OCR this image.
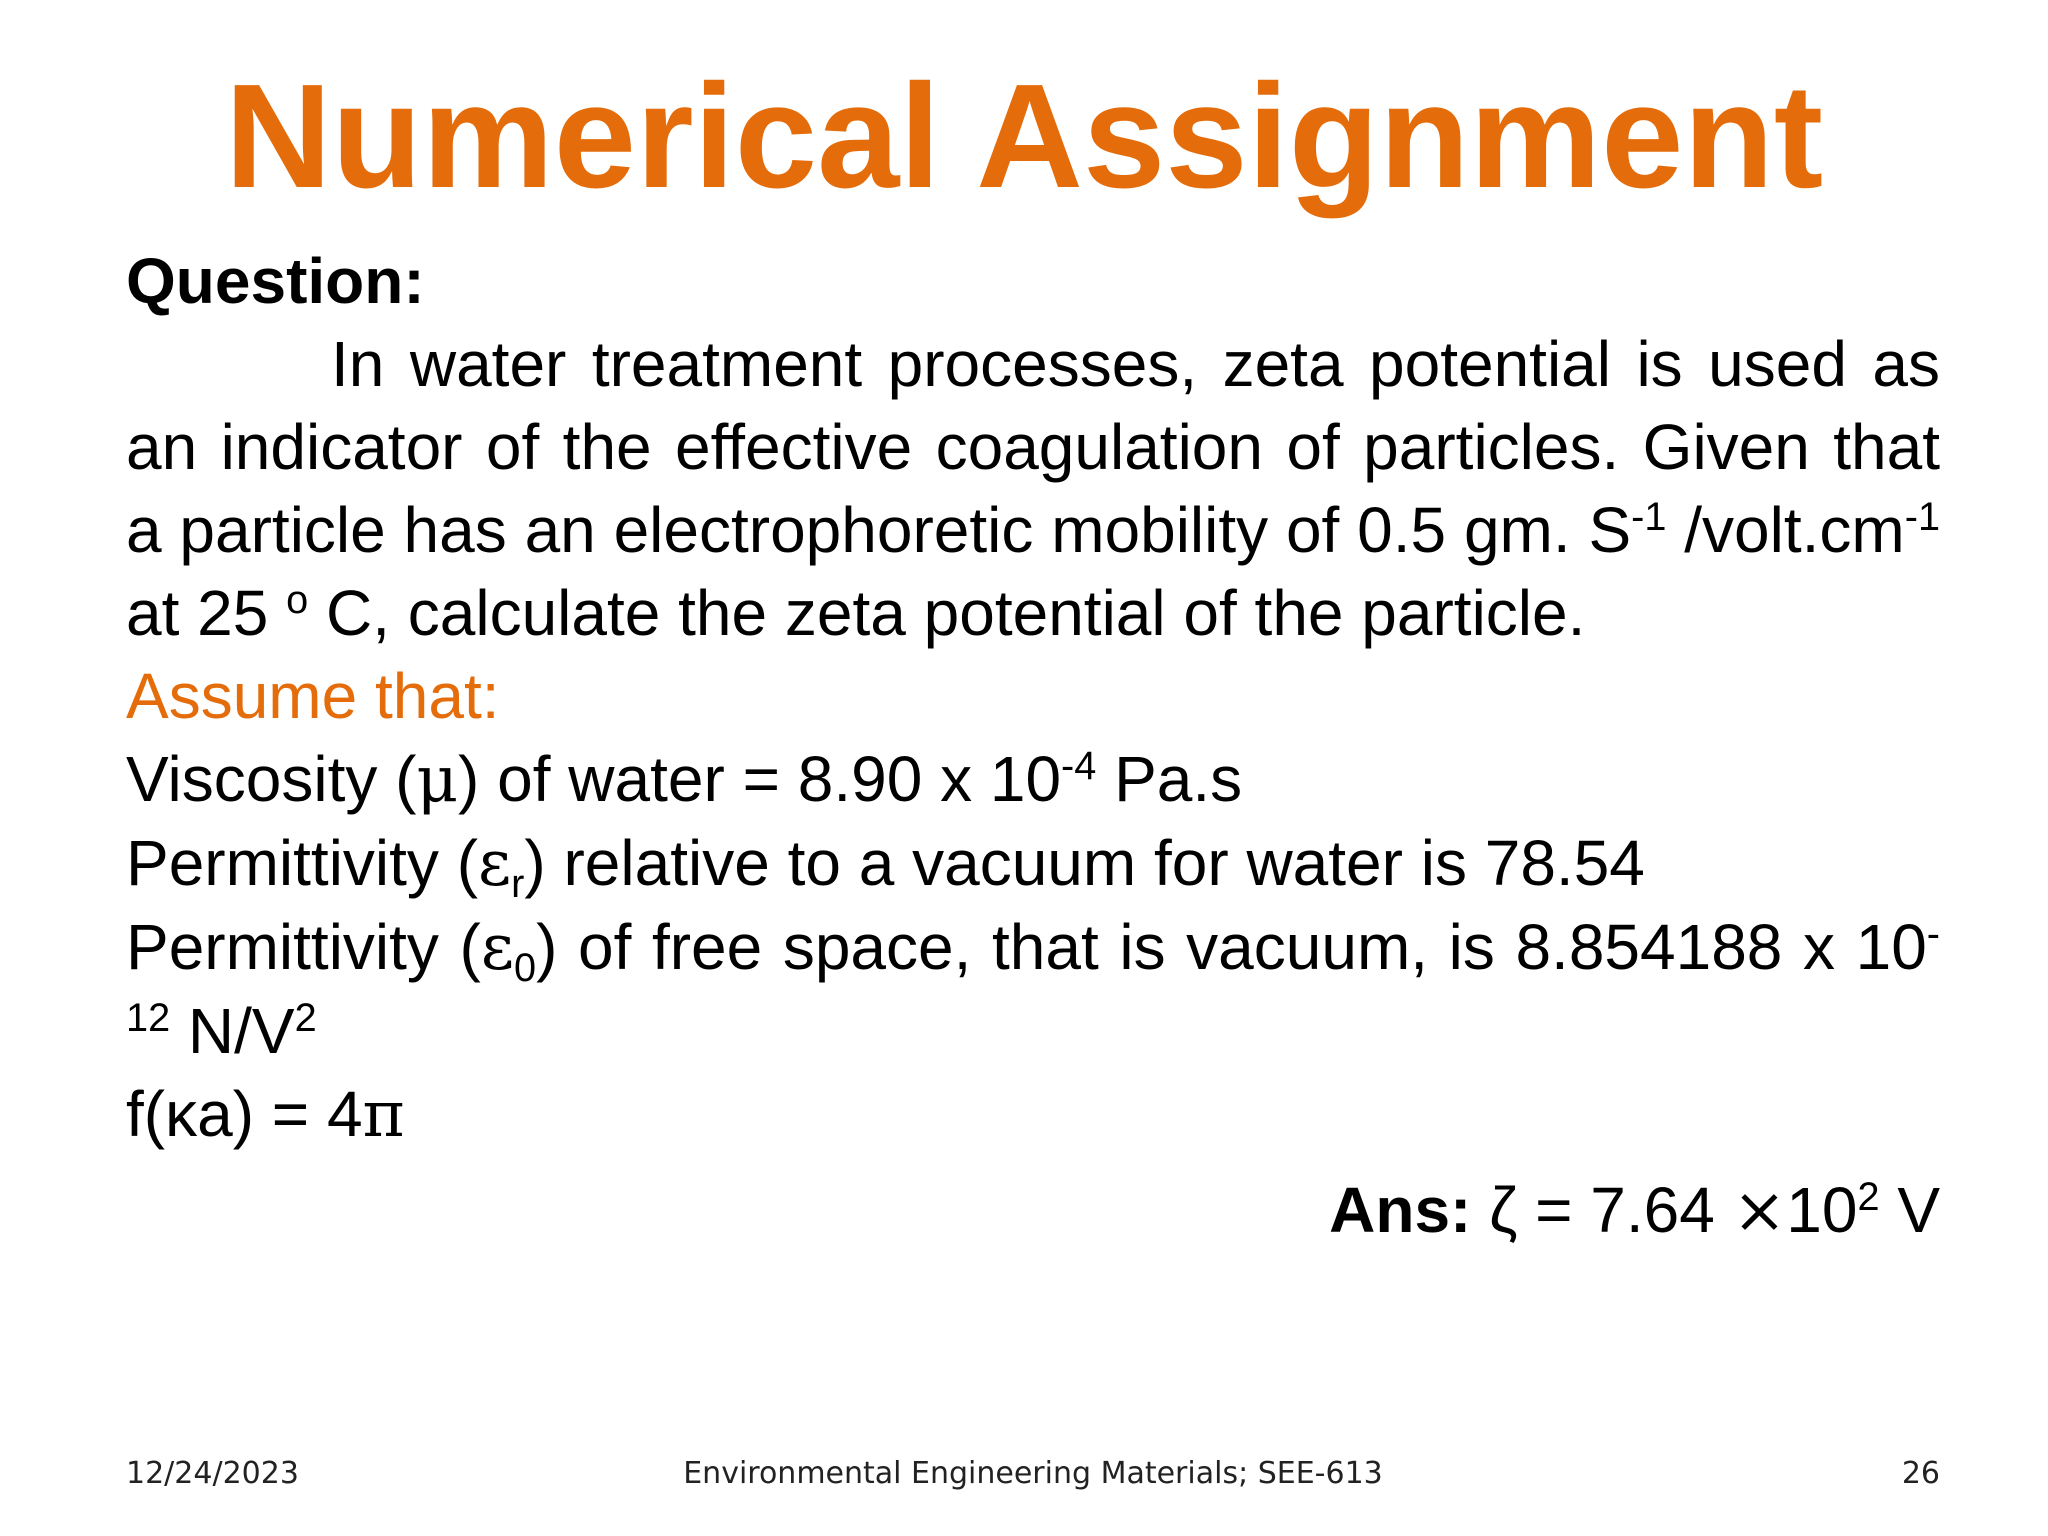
Numerical Assignment

Question:

In water treatment processes, zeta potential is used as an indicator of the effective coagulation of particles. Given that a particle has an electrophoretic mobility of 0.5 gm. $S^{-1}$ $/volt.cm^{-1}$ at 25 $^o$ C, calculate the zeta potential of the particle.

Assume that:

Viscosity (μ) of water = 8.90 x $10^{-4}$ Pa.s

Permittivity $(\varepsilon_r)$ relative to a vacuum for water is 78.54

Permittivity $(\varepsilon_0)$ of free space, that is vacuum, is 8.854188 x $10^{-12}$ $N/V^2$

f(κa) = 4π

Ans: $\zeta = 7.64 \times 10^2$ V

12/24/2023	Environmental Engineering Materials; SEE-613	26
